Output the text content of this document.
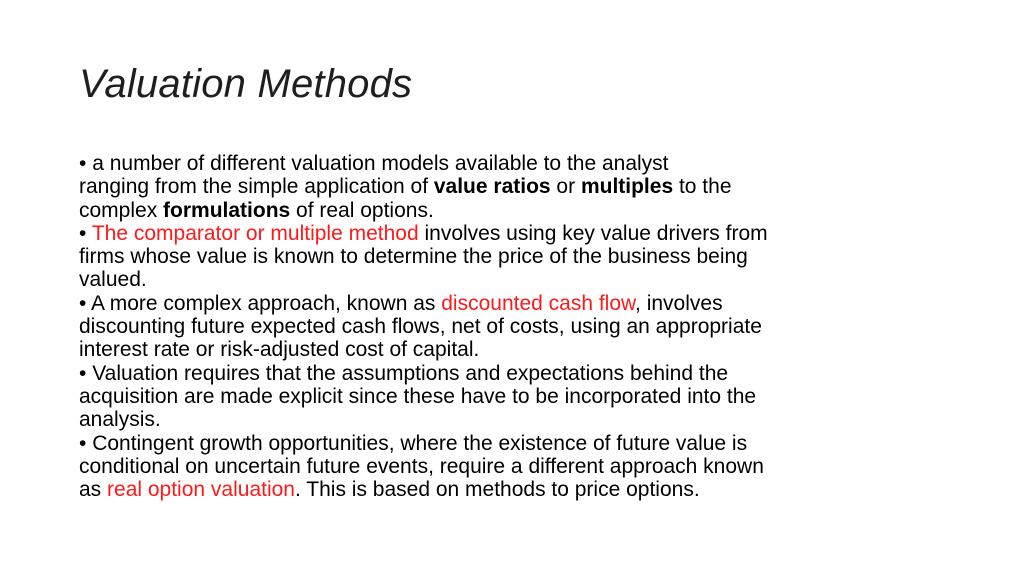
Valuation Methods
• a number of different valuation models available to the analyst
ranging from the simple application of value ratios or multiples to the
complex formulations of real options.
• The comparator or multiple method involves using key value drivers from
firms whose value is known to determine the price of the business being
valued.
• A more complex approach, known as discounted cash flow, involves
discounting future expected cash flows, net of costs, using an appropriate
interest rate or risk-adjusted cost of capital.
• Valuation requires that the assumptions and expectations behind the
acquisition are made explicit since these have to be incorporated into the
analysis.
• Contingent growth opportunities, where the existence of future value is
conditional on uncertain future events, require a different approach known
as real option valuation. This is based on methods to price options.
